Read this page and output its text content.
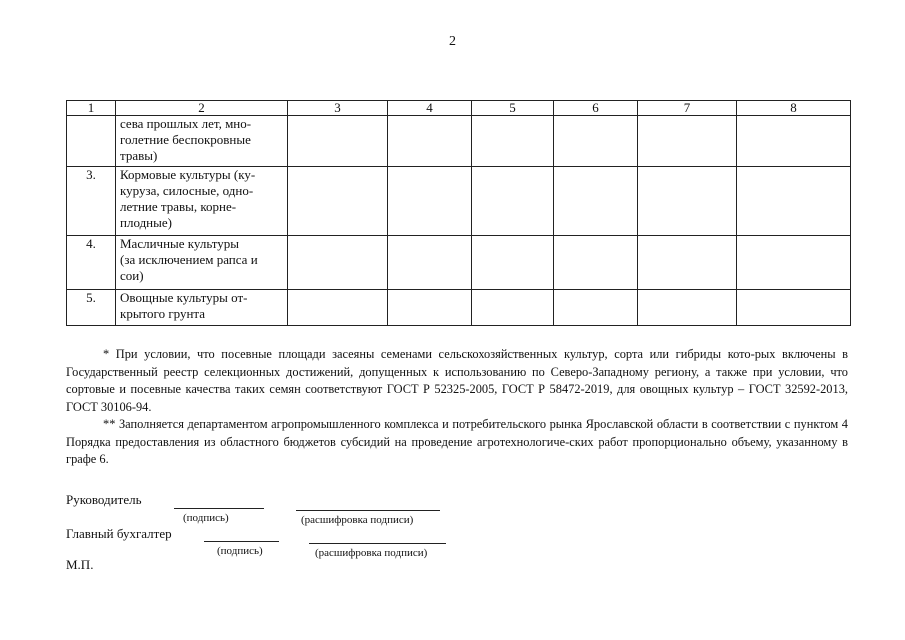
2
1	2	3	4	5	6	7	8

	сева прошлых лет, мно-
голетние беспокровные
травы)						

3.	Кормовые культуры (ку-
куруза, силосные, одно-
летние травы, корне-
плодные)						

4.	Масличные культуры
(за исключением рапса и
сои)						

5.	Овощные культуры от-
крытого грунта						

* При условии, что посевные площади засеяны семенами сельскохозяйственных культур, сорта или гибриды кото-рых включены в Государственный реестр селекционных достижений, допущенных к использованию по Северо-Западному региону, а также при условии, что сортовые и посевные качества таких семян соответствуют ГОСТ Р 52325-2005, ГОСТ Р 58472-2019, для овощных культур – ГОСТ 32592-2013, ГОСТ 30106-94.

** Заполняется департаментом агропромышленного комплекса и потребительского рынка Ярославской области в соответствии с пунктом 4 Порядка предоставления из областного бюджетов субсидий на проведение агротехнологиче-ских работ пропорционально объему, указанному в графе 6.

Руководитель
(подпись)	(расшифровка подписи)
Главный бухгалтер
(подпись)	(расшифровка подписи)
М.П.
